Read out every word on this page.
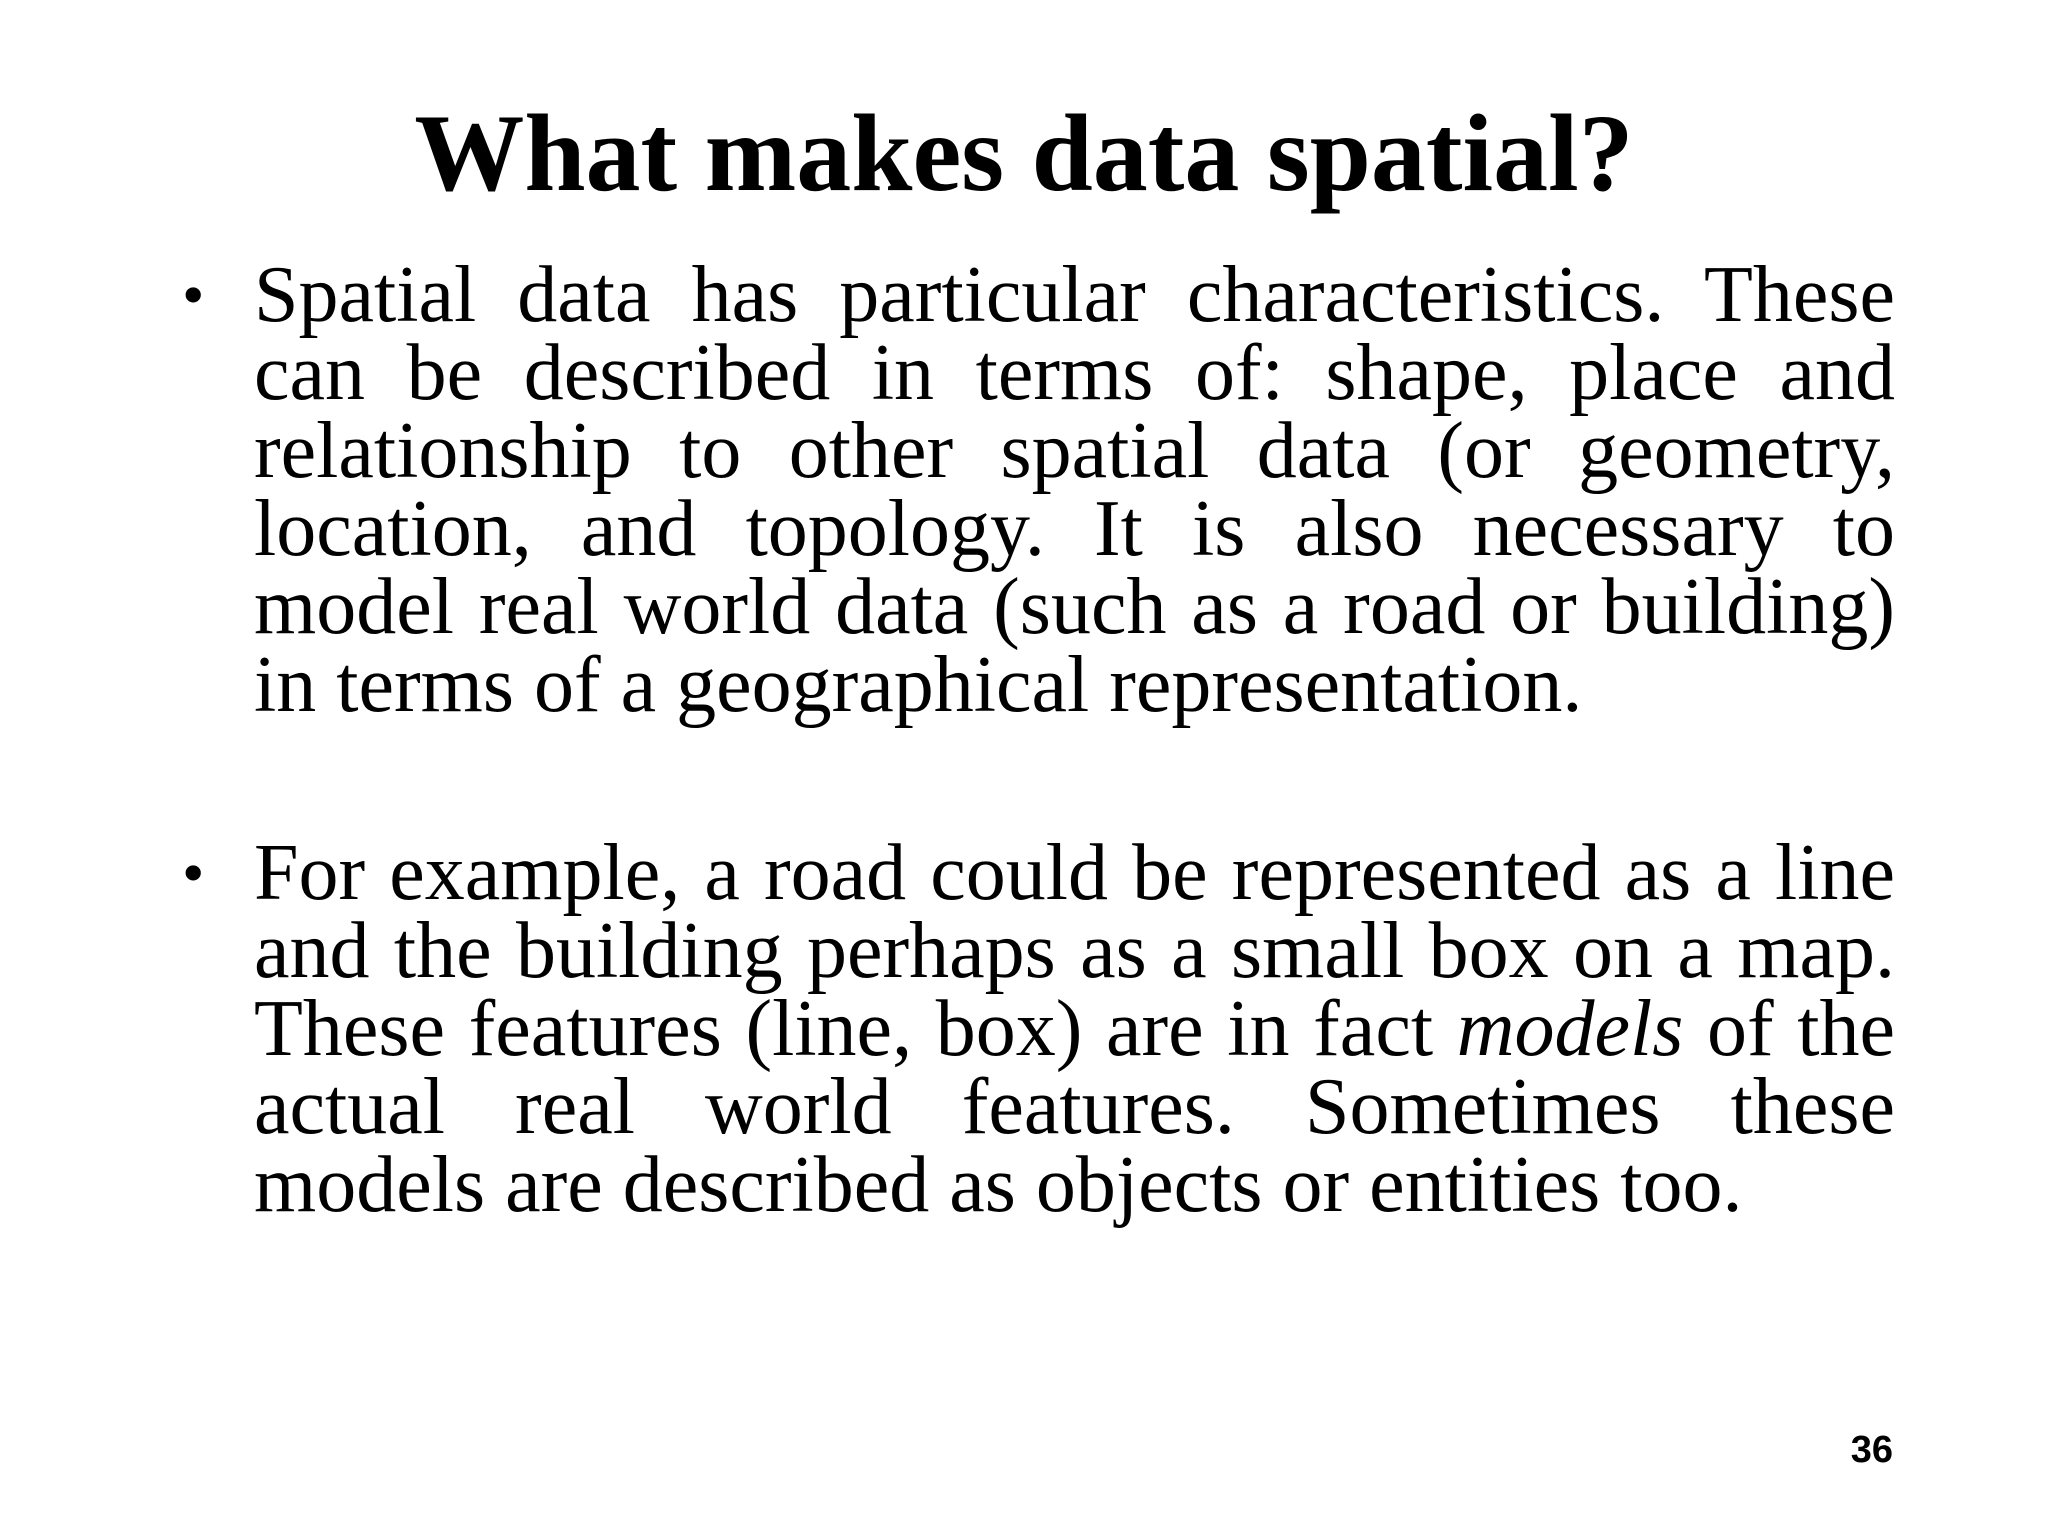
What makes data spatial?
• Spatial data has particular characteristics. These can be described in terms of: shape, place and relationship to other spatial data (or geometry, location, and topology. It is also necessary to model real world data (such as a road or building) in terms of a geographical representation.
• For example, a road could be represented as a line and the building perhaps as a small box on a map. These features (line, box) are in fact models of the actual real world features. Sometimes these models are described as objects or entities too.
36
